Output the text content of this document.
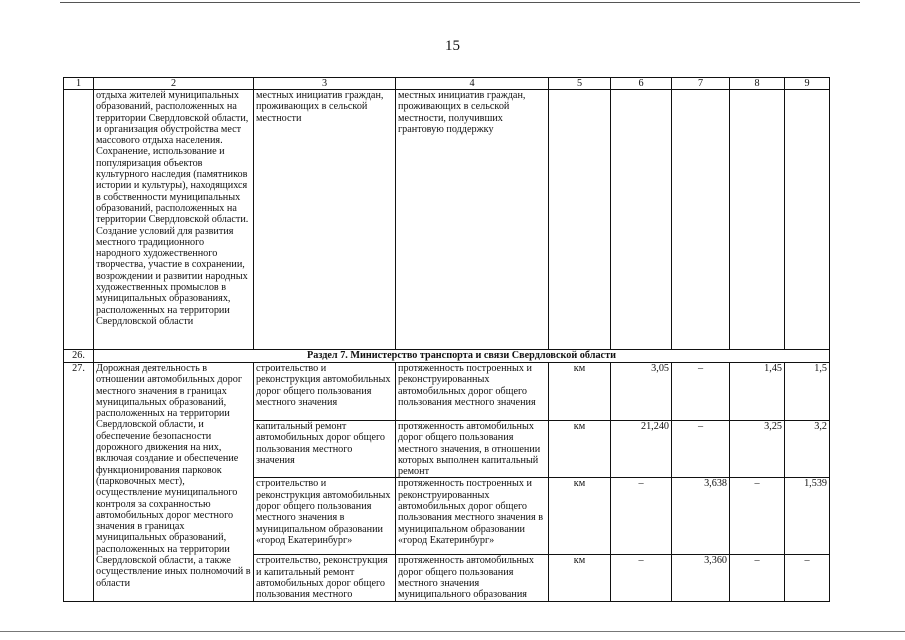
15
1	2	3	4	5	6	7	8	9
	отдыха жителей муниципальных образований, расположенных на территории Свердловской области, и организация обустройства мест массового отдыха населения. Сохранение, использование и популяризация объектов культурного наследия (памятников истории и культуры), находящихся в собственности муниципальных образований, расположенных на территории Свердловской области. Создание условий для развития местного традиционного народного художественного творчества, участие в сохранении, возрождении и развитии народных художественных промыслов в муниципальных образованиях, расположенных на территории Свердловской области	местных инициатив граждан, проживающих в сельской местности	местных инициатив граждан, проживающих в сельской местности, получивших грантовую поддержку					
26.	Раздел 7. Министерство транспорта и связи Свердловской области							
27.	Дорожная деятельность в отношении автомобильных дорог местного значения в границах муниципальных образований, расположенных на территории Свердловской области, и обеспечение безопасности дорожного движения на них, включая создание и обеспечение функционирования парковок (парковочных мест), осуществление муниципального контроля за сохранностью автомобильных дорог местного значения в границах муниципальных образований, расположенных на территории Свердловской области, а также осуществление иных полномочий в области	строительство и реконструкция автомобильных дорог общего пользования местного значения	протяженность построенных и реконструированных автомобильных дорог общего пользования местного значения	км	3,05	–	1,45	1,5
		капитальный ремонт автомобильных дорог общего пользования местного значения	протяженность автомобильных дорог общего пользования местного значения, в отношении которых выполнен капитальный ремонт	км	21,240	–	3,25	3,2
		строительство и реконструкция автомобильных дорог общего пользования местного значения в муниципальном образовании «город Екатеринбург»	протяженность построенных и реконструированных автомобильных дорог общего пользования местного значения в муниципальном образовании «город Екатеринбург»	км	–	3,638	–	1,539
		строительство, реконструкция и капитальный ремонт автомобильных дорог общего пользования местного	протяженность автомобильных дорог общего пользования местного значения муниципального образования	км	–	3,360	–	–
